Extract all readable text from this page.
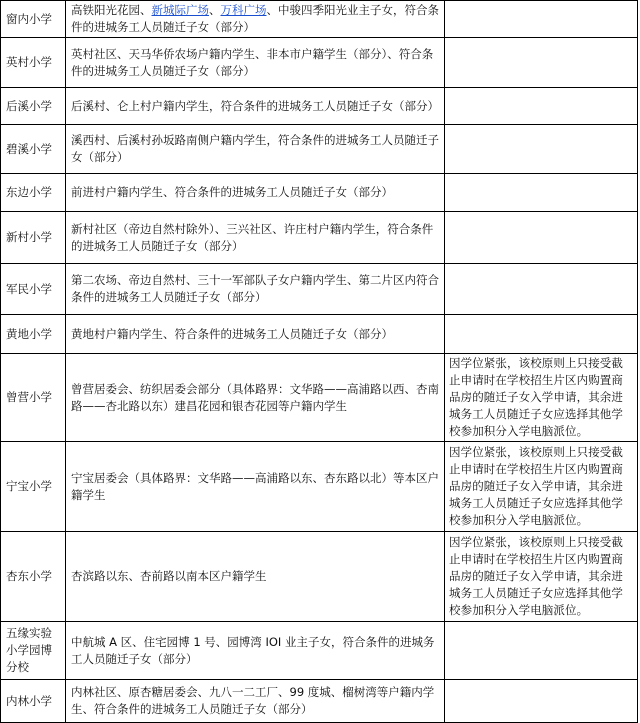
窗内小学	高铁阳光花园、新城际广场、万科广场、中骏四季阳光业主子女，符合条件的进城务工人员随迁子女（部分）	
英村小学	英村社区、天马华侨农场户籍内学生、非本市户籍学生（部分）、符合条件的进城务工人员随迁子女（部分）	
后溪小学	后溪村、仑上村户籍内学生，符合条件的进城务工人员随迁子女（部分）	
碧溪小学	溪西村、后溪村孙坂路南侧户籍内学生，符合条件的进城务工人员随迁子女（部分）	
东边小学	前进村户籍内学生、符合条件的进城务工人员随迁子女（部分）	
新村小学	新村社区（帝边自然村除外）、三兴社区、许庄村户籍内学生，符合条件的进城务工人员随迁子女（部分）	
军民小学	第二农场、帝边自然村、三十一军部队子女户籍内学生、第二片区内符合条件的进城务工人员随迁子女（部分）	
黄地小学	黄地村户籍内学生、符合条件的进城务工人员随迁子女（部分）	
曾营小学	曾营居委会、纺织居委会部分（具体路界：文华路——高浦路以西、杏南路——杏北路以东）建昌花园和银杏花园等户籍内学生	因学位紧张，该校原则上只接受截止申请时在学校招生片区内购置商品房的随迁子女入学申请，其余进城务工人员随迁子女应选择其他学校参加积分入学电脑派位。
宁宝小学	宁宝居委会（具体路界：文华路——高浦路以东、杏东路以北）等本区户籍学生	因学位紧张，该校原则上只接受截止申请时在学校招生片区内购置商品房的随迁子女入学申请，其余进城务工人员随迁子女应选择其他学校参加积分入学电脑派位。
杏东小学	杏滨路以东、杏前路以南本区户籍学生	因学位紧张，该校原则上只接受截止申请时在学校招生片区内购置商品房的随迁子女入学申请，其余进城务工人员随迁子女应选择其他学校参加积分入学电脑派位。
五缘实验小学园博分校	中航城 A 区、住宅园博 1 号、园博湾 IOI 业主子女，符合条件的进城务工人员随迁子女（部分）	
内林小学	内林社区、原杏糖居委会、九八一二工厂、99 度城、榴树湾等户籍内学生、符合条件的进城务工人员随迁子女（部分）	
